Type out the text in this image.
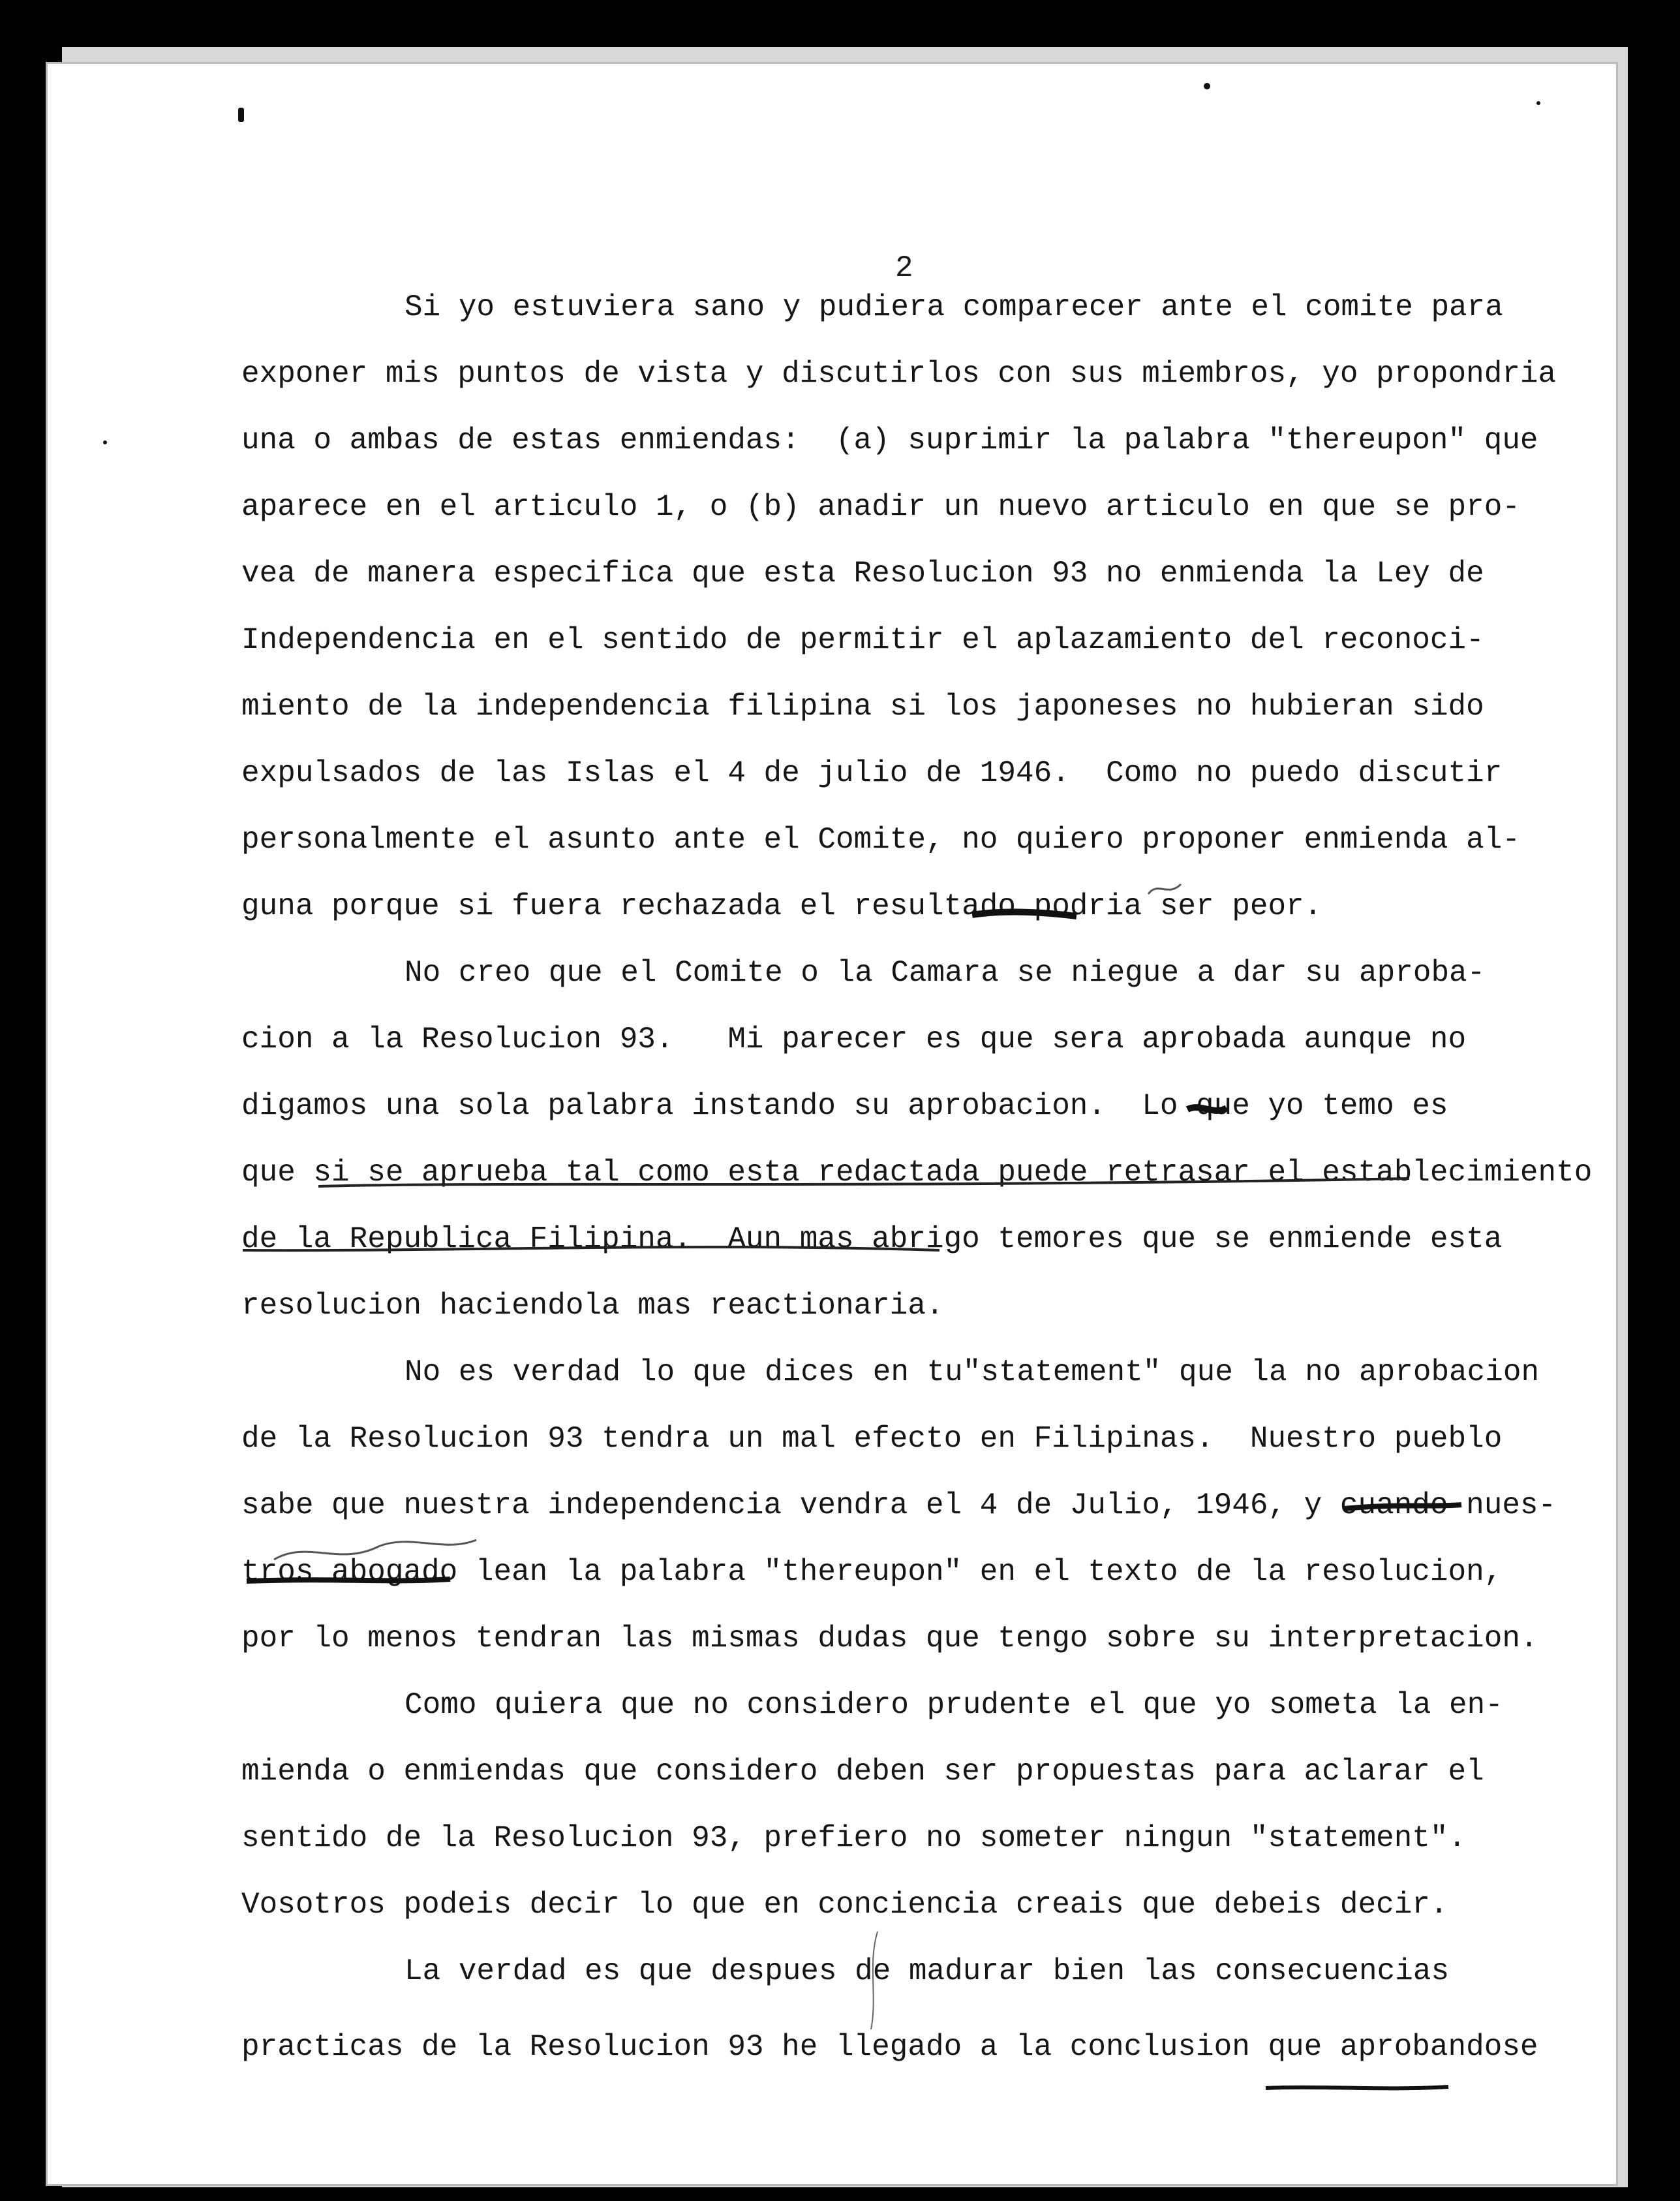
2
Si yo estuviera sano y pudiera comparecer ante el comite para
exponer mis puntos de vista y discutirlos con sus miembros, yo propondria
una o ambas de estas enmiendas:  (a) suprimir la palabra "thereupon" que
aparece en el articulo 1, o (b) anadir un nuevo articulo en que se pro-
vea de manera especifica que esta Resolucion 93 no enmienda la Ley de
Independencia en el sentido de permitir el aplazamiento del reconoci-
miento de la independencia filipina si los japoneses no hubieran sido
expulsados de las Islas el 4 de julio de 1946.  Como no puedo discutir
personalmente el asunto ante el Comite, no quiero proponer enmienda al-
guna porque si fuera rechazada el resultado podria ser peor.
No creo que el Comite o la Camara se niegue a dar su aproba-
cion a la Resolucion 93.   Mi parecer es que sera aprobada aunque no
digamos una sola palabra instando su aprobacion.  Lo que yo temo es
que si se aprueba tal como esta redactada puede retrasar el establecimiento
de la Republica Filipina.  Aun mas abrigo temores que se enmiende esta
resolucion haciendola mas reactionaria.
No es verdad lo que dices en tu"statement" que la no aprobacion
de la Resolucion 93 tendra un mal efecto en Filipinas.  Nuestro pueblo
sabe que nuestra independencia vendra el 4 de Julio, 1946, y cuando nues-
tros abogado lean la palabra "thereupon" en el texto de la resolucion,
por lo menos tendran las mismas dudas que tengo sobre su interpretacion.
Como quiera que no considero prudente el que yo someta la en-
mienda o enmiendas que considero deben ser propuestas para aclarar el
sentido de la Resolucion 93, prefiero no someter ningun "statement".
Vosotros podeis decir lo que en conciencia creais que debeis decir.
La verdad es que despues de madurar bien las consecuencias
practicas de la Resolucion 93 he llegado a la conclusion que aprobandose
